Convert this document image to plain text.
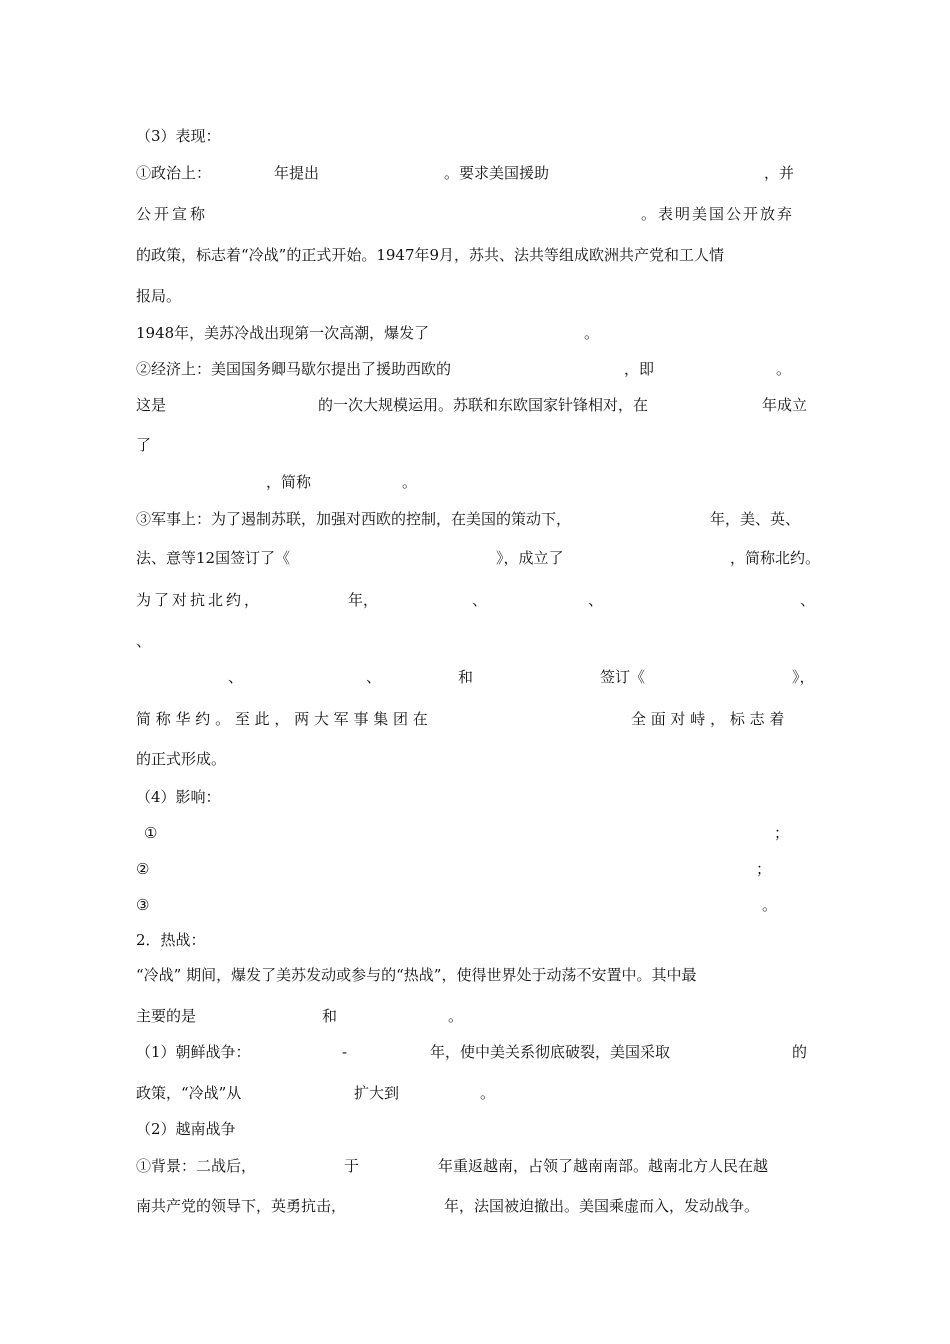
（3）表现：

①政治上：

	年提出

	。要求美国援助

	，并

公开宣称

	。表明美国公开放弃

的政策，标志着“冷战”的正式开始。1947年9月，苏共、法共等组成欧洲共产党和工人情

报局。

1948年，美苏冷战出现第一次高潮，爆发了

	。

②经济上：美国国务卿马歇尔提出了援助西欧的

	，即

	。

这是

	的一次大规模运用。苏联和东欧国家针锋相对，在

	年成立

了

，简称

	。

③军事上：为了遏制苏联，加强对西欧的控制，在美国的策动下，

	年，美、英、

法、意等12国签订了《

	》，成立了

	，简称北约。

为了对抗北约，

	年，

	、

	、

	、

、

、

	、

	和

	签订《

	》，

简 称 华 约 。 至 此 ， 两 大 军 事 集 团 在

	全 面 对 峙 ， 标 志 着

的正式形成。

（4）影响：

①

	；

②

	；

③

	。

2．热战：

“冷战” 期间，爆发了美苏发动或参与的“热战”，使得世界处于动荡不安置中。其中最

主要的是

	和

	。

（1）朝鲜战争：

	-

	年，使中美关系彻底破裂，美国采取

	的

政策，“冷战”从

	扩大到

	。

（2）越南战争

①背景：二战后，

	于

	年重返越南，占领了越南南部。越南北方人民在越

南共产党的领导下，英勇抗击，

	年，法国被迫撤出。美国乘虚而入，发动战争。
